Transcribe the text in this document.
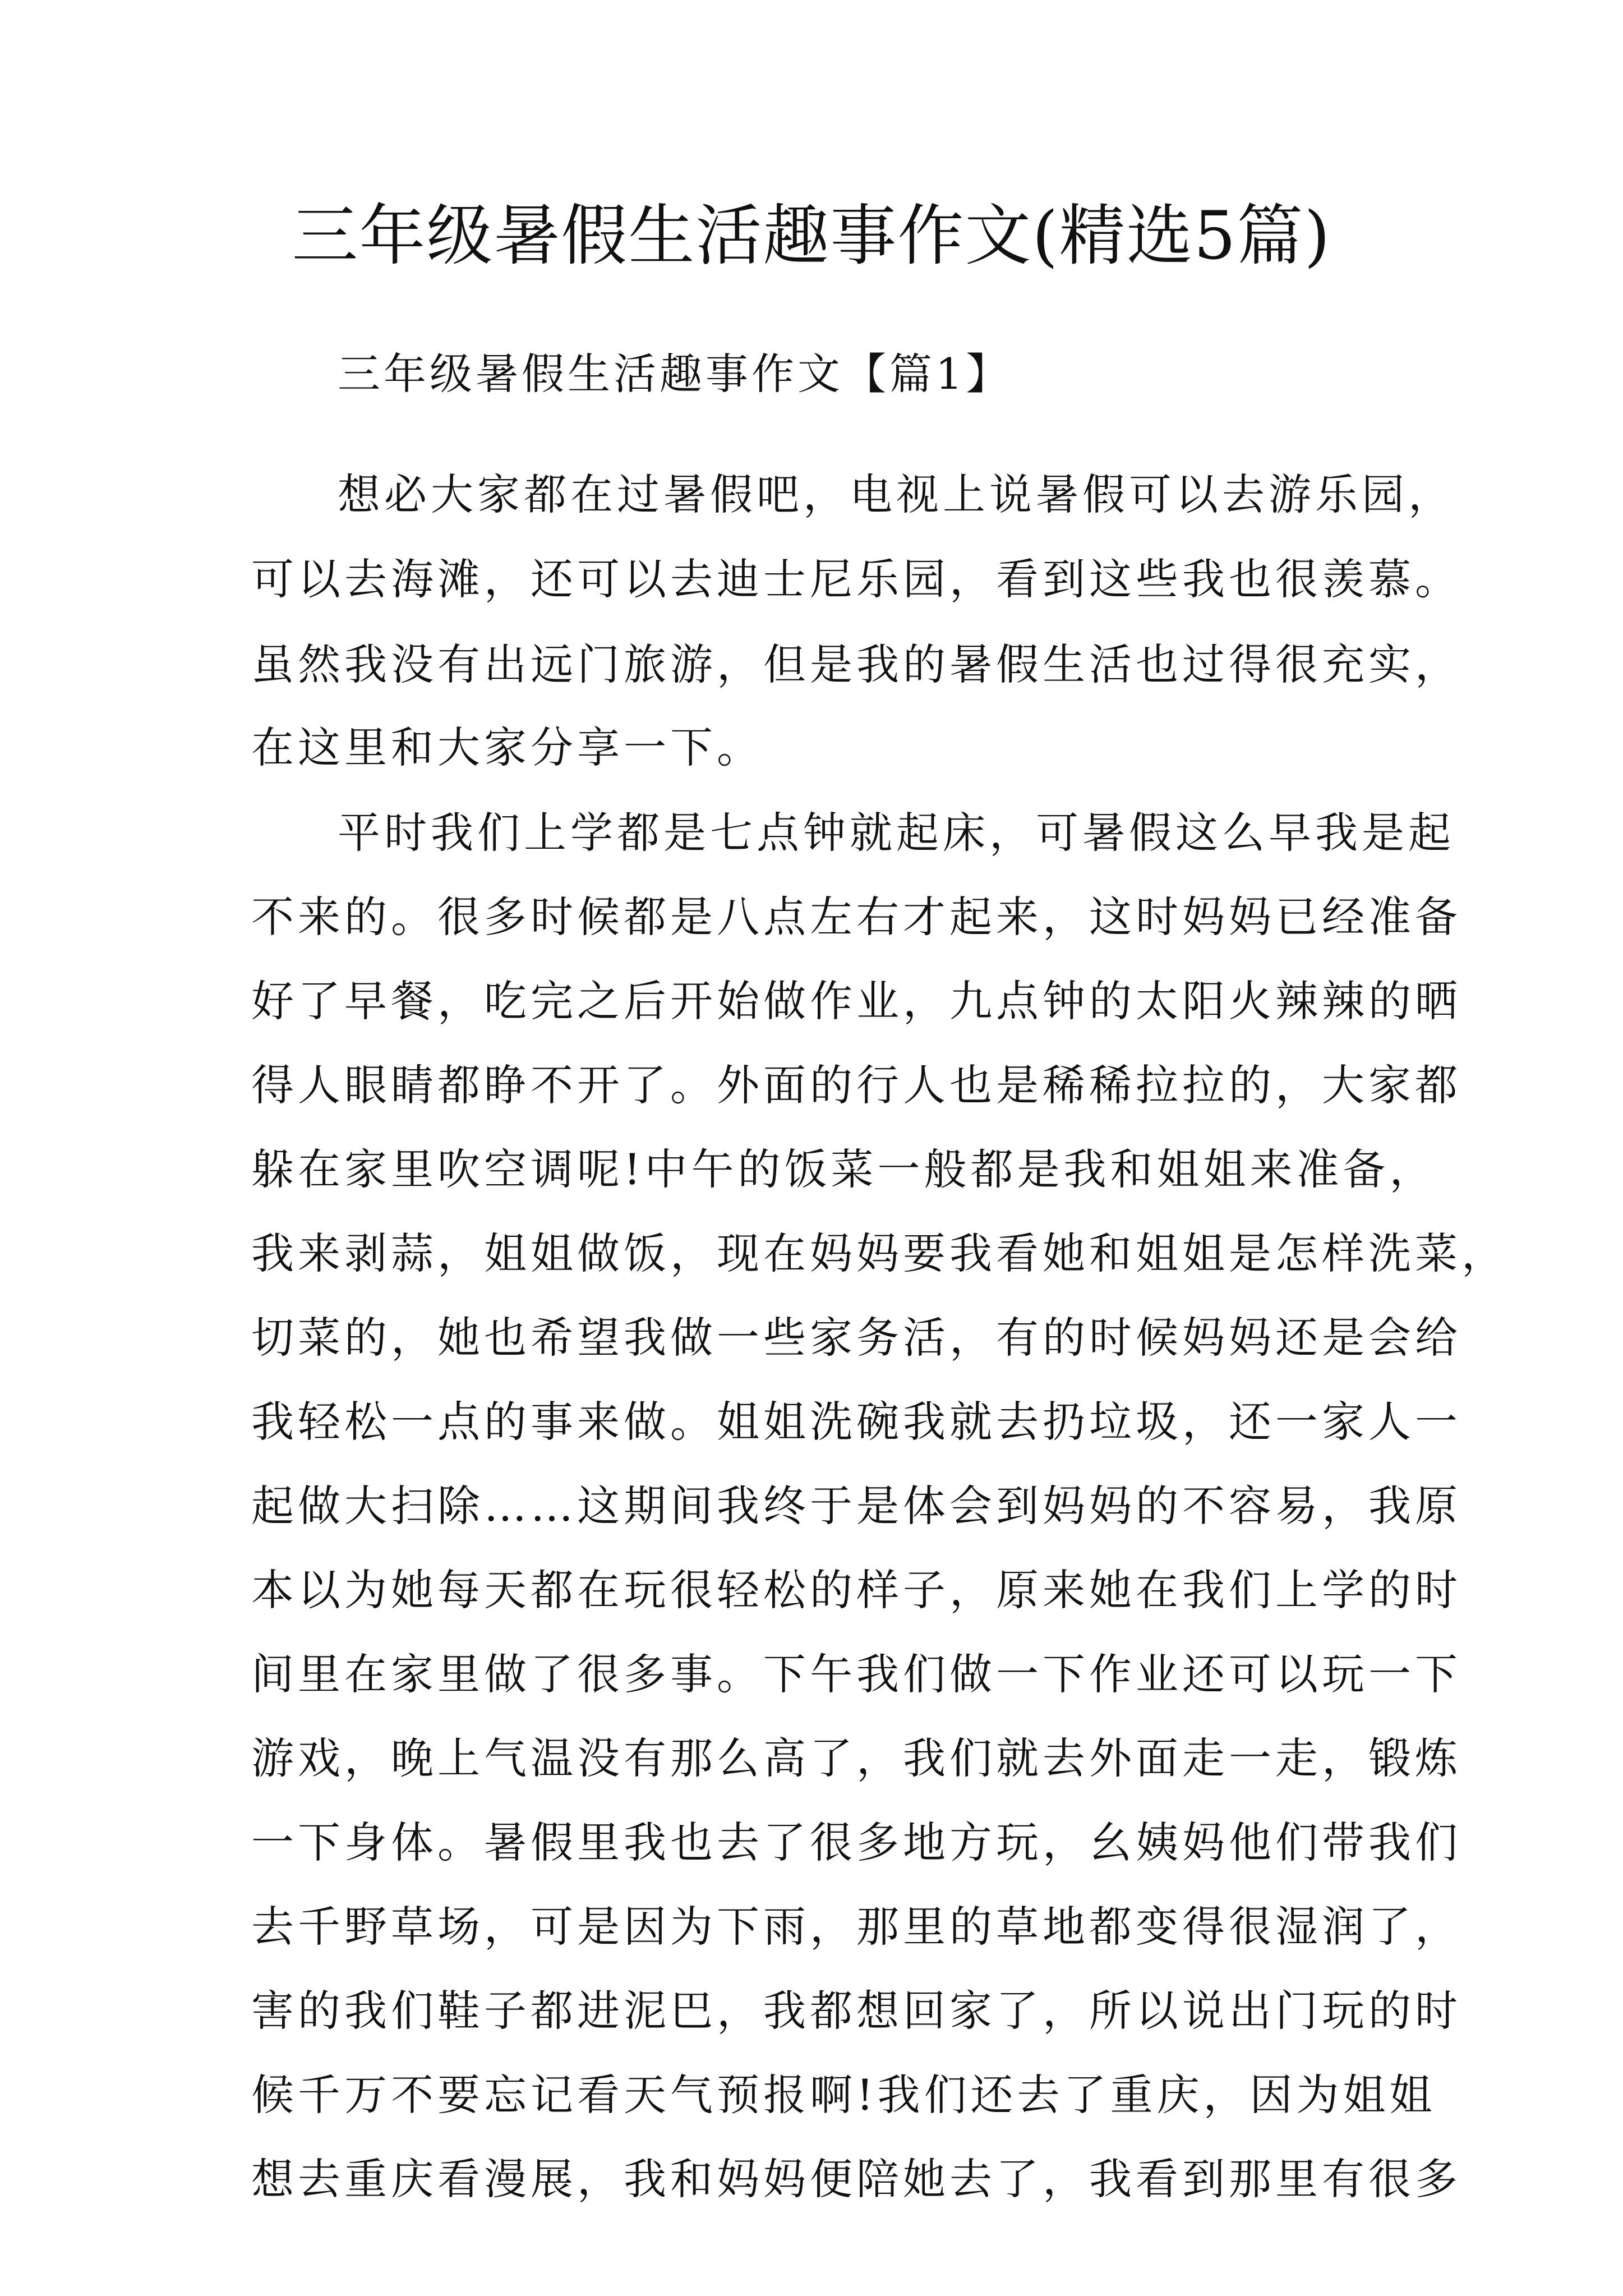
三年级暑假生活趣事作文(精选5篇)

三年级暑假生活趣事作文【篇1】

想必大家都在过暑假吧，电视上说暑假可以去游乐园，

可以去海滩，还可以去迪士尼乐园，看到这些我也很羡慕。

虽然我没有出远门旅游，但是我的暑假生活也过得很充实，

在这里和大家分享一下。

平时我们上学都是七点钟就起床，可暑假这么早我是起

不来的。很多时候都是八点左右才起来，这时妈妈已经准备

好了早餐，吃完之后开始做作业，九点钟的太阳火辣辣的晒

得人眼睛都睁不开了。外面的行人也是稀稀拉拉的，大家都

躲在家里吹空调呢!中午的饭菜一般都是我和姐姐来准备，

我来剥蒜，姐姐做饭，现在妈妈要我看她和姐姐是怎样洗菜，

切菜的，她也希望我做一些家务活，有的时候妈妈还是会给

我轻松一点的事来做。姐姐洗碗我就去扔垃圾，还一家人一

起做大扫除……这期间我终于是体会到妈妈的不容易，我原

本以为她每天都在玩很轻松的样子，原来她在我们上学的时

间里在家里做了很多事。下午我们做一下作业还可以玩一下

游戏，晚上气温没有那么高了，我们就去外面走一走，锻炼

一下身体。暑假里我也去了很多地方玩，幺姨妈他们带我们

去千野草场，可是因为下雨，那里的草地都变得很湿润了，

害的我们鞋子都进泥巴，我都想回家了，所以说出门玩的时

候千万不要忘记看天气预报啊!我们还去了重庆，因为姐姐

想去重庆看漫展，我和妈妈便陪她去了，我看到那里有很多
